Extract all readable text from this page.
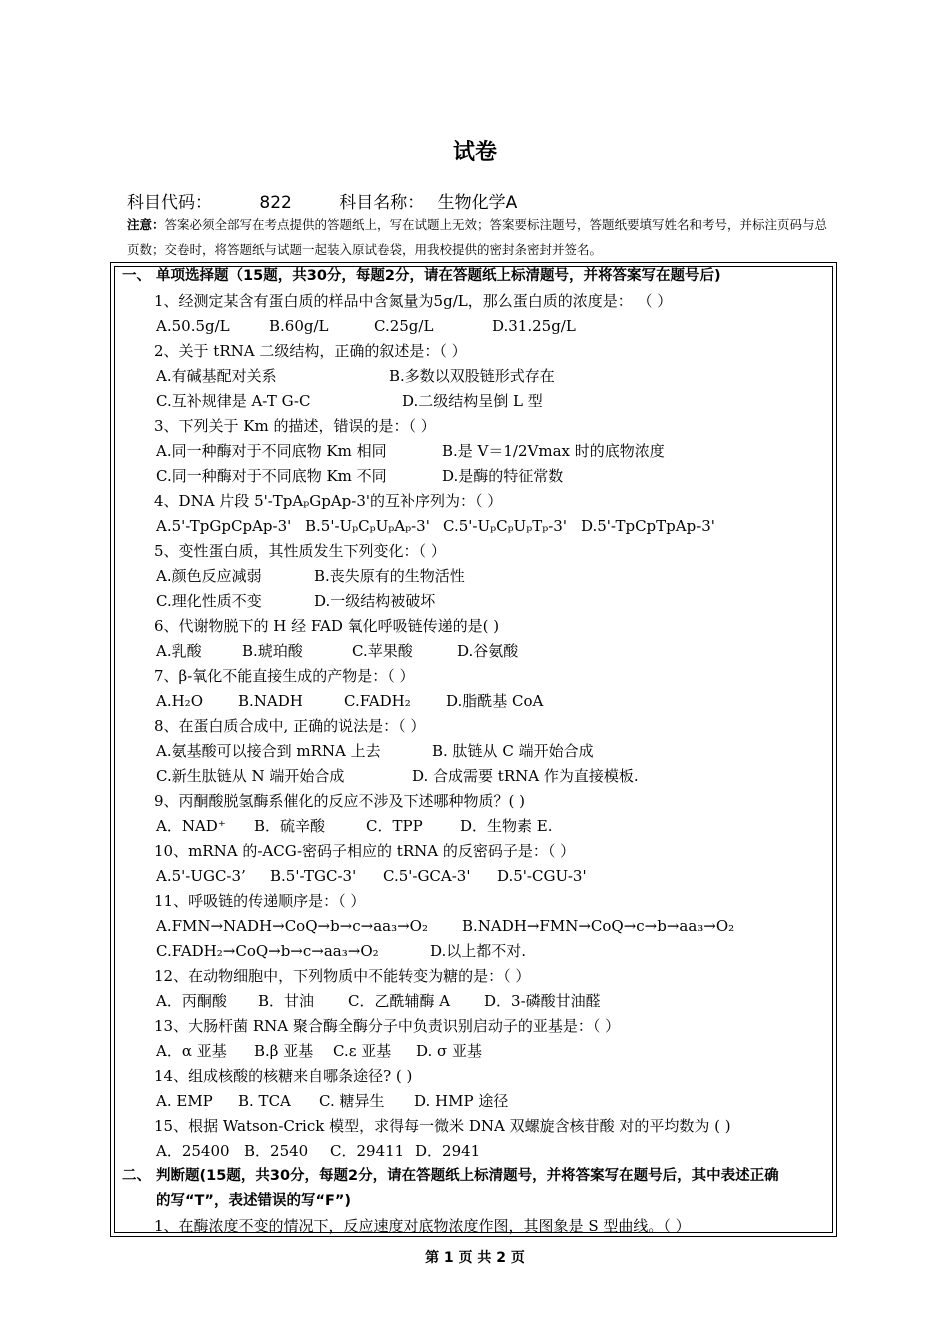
试卷
科目代码：	822	科目名称： 生物化学A
注意：答案必须全部写在考点提供的答题纸上，写在试题上无效；答案要标注题号，答题纸要填写姓名和考号，并标注页码与总页数；交卷时，将答题纸与试题一起装入原试卷袋，用我校提供的密封条密封并签名。
一、 单项选择题（15题，共30分，每题2分，请在答题纸上标清题号，并将答案写在题号后)
1、经测定某含有蛋白质的样品中含氮量为5g/L，那么蛋白质的浓度是： （ ）
A.50.5g/L	B.60g/L	C.25g/L	D.31.25g/L
2、关于 tRNA 二级结构，正确的叙述是：（ ）
A.有碱基配对关系	B.多数以双股链形式存在
C.互补规律是 A-T G-C	D.二级结构呈倒 L 型
3、下列关于 Km 的描述，错误的是：（ ）
A.同一种酶对于不同底物 Km 相同	B.是 V＝1/2Vmax 时的底物浓度
C.同一种酶对于不同底物 Km 不同	D.是酶的特征常数
4、DNA 片段 5'-TpAₚGpAp-3'的互补序列为：（ ）
A.5'-TpGpCpAp-3' B.5'-UₚCₚUₚAₚ-3' C.5'-UₚCₚUₚTₚ-3' D.5'-TpCpTpAp-3'
5、变性蛋白质，其性质发生下列变化：（ ）
A.颜色反应减弱	B.丧失原有的生物活性
C.理化性质不变	D.一级结构被破坏
6、代谢物脱下的 H 经 FAD 氧化呼吸链传递的是( )
A.乳酸	B.琥珀酸	C.苹果酸	D.谷氨酸
7、β-氧化不能直接生成的产物是：（ ）
A.H₂O B.NADH	C.FADH₂ D.脂酰基 CoA
8、在蛋白质合成中, 正确的说法是：（ ）
A.氨基酸可以接合到 mRNA 上去	B. 肽链从 C 端开始合成
C.新生肽链从 N 端开始合成	D. 合成需要 tRNA 作为直接模板.
9、丙酮酸脱氢酶系催化的反应不涉及下述哪种物质？( )
A．NAD⁺ B．硫辛酸	C．TPP D．生物素 E.
10、mRNA 的-ACG-密码子相应的 tRNA 的反密码子是：（ ）
A.5'-UGC-3’ B.5'-TGC-3' C.5'-GCA-3' D.5'-CGU-3'
11、呼吸链的传递顺序是：（ ）
A.FMN→NADH→CoQ→b→c→aa₃→O₂ B.NADH→FMN→CoQ→c→b→aa₃→O₂
C.FADH₂→CoQ→b→c→aa₃→O₂	D.以上都不对.
12、在动物细胞中，下列物质中不能转变为糖的是：（ ）
A．丙酮酸 B．甘油 C．乙酰辅酶 A D．3-磷酸甘油醛
13、大肠杆菌 RNA 聚合酶全酶分子中负责识别启动子的亚基是：（ ）
A．α 亚基 B.β 亚基 C.ε 亚基 D. σ 亚基
14、组成核酸的核糖来自哪条途径? ( )
A. EMP B. TCA C. 糖异生 D. HMP 途径
15、根据 Watson-Crick 模型，求得每一微米 DNA 双螺旋含核苷酸 对的平均数为 ( )
A．25400 B．2540 C．29411 D．2941
二、 判断题(15题，共30分，每题2分，请在答题纸上标清题号，并将答案写在题号后，其中表述正确
的写“T”，表述错误的写“F”)
1、在酶浓度不变的情况下，反应速度对底物浓度作图，其图象是 S 型曲线。（ ）
第 1 页 共 2 页
